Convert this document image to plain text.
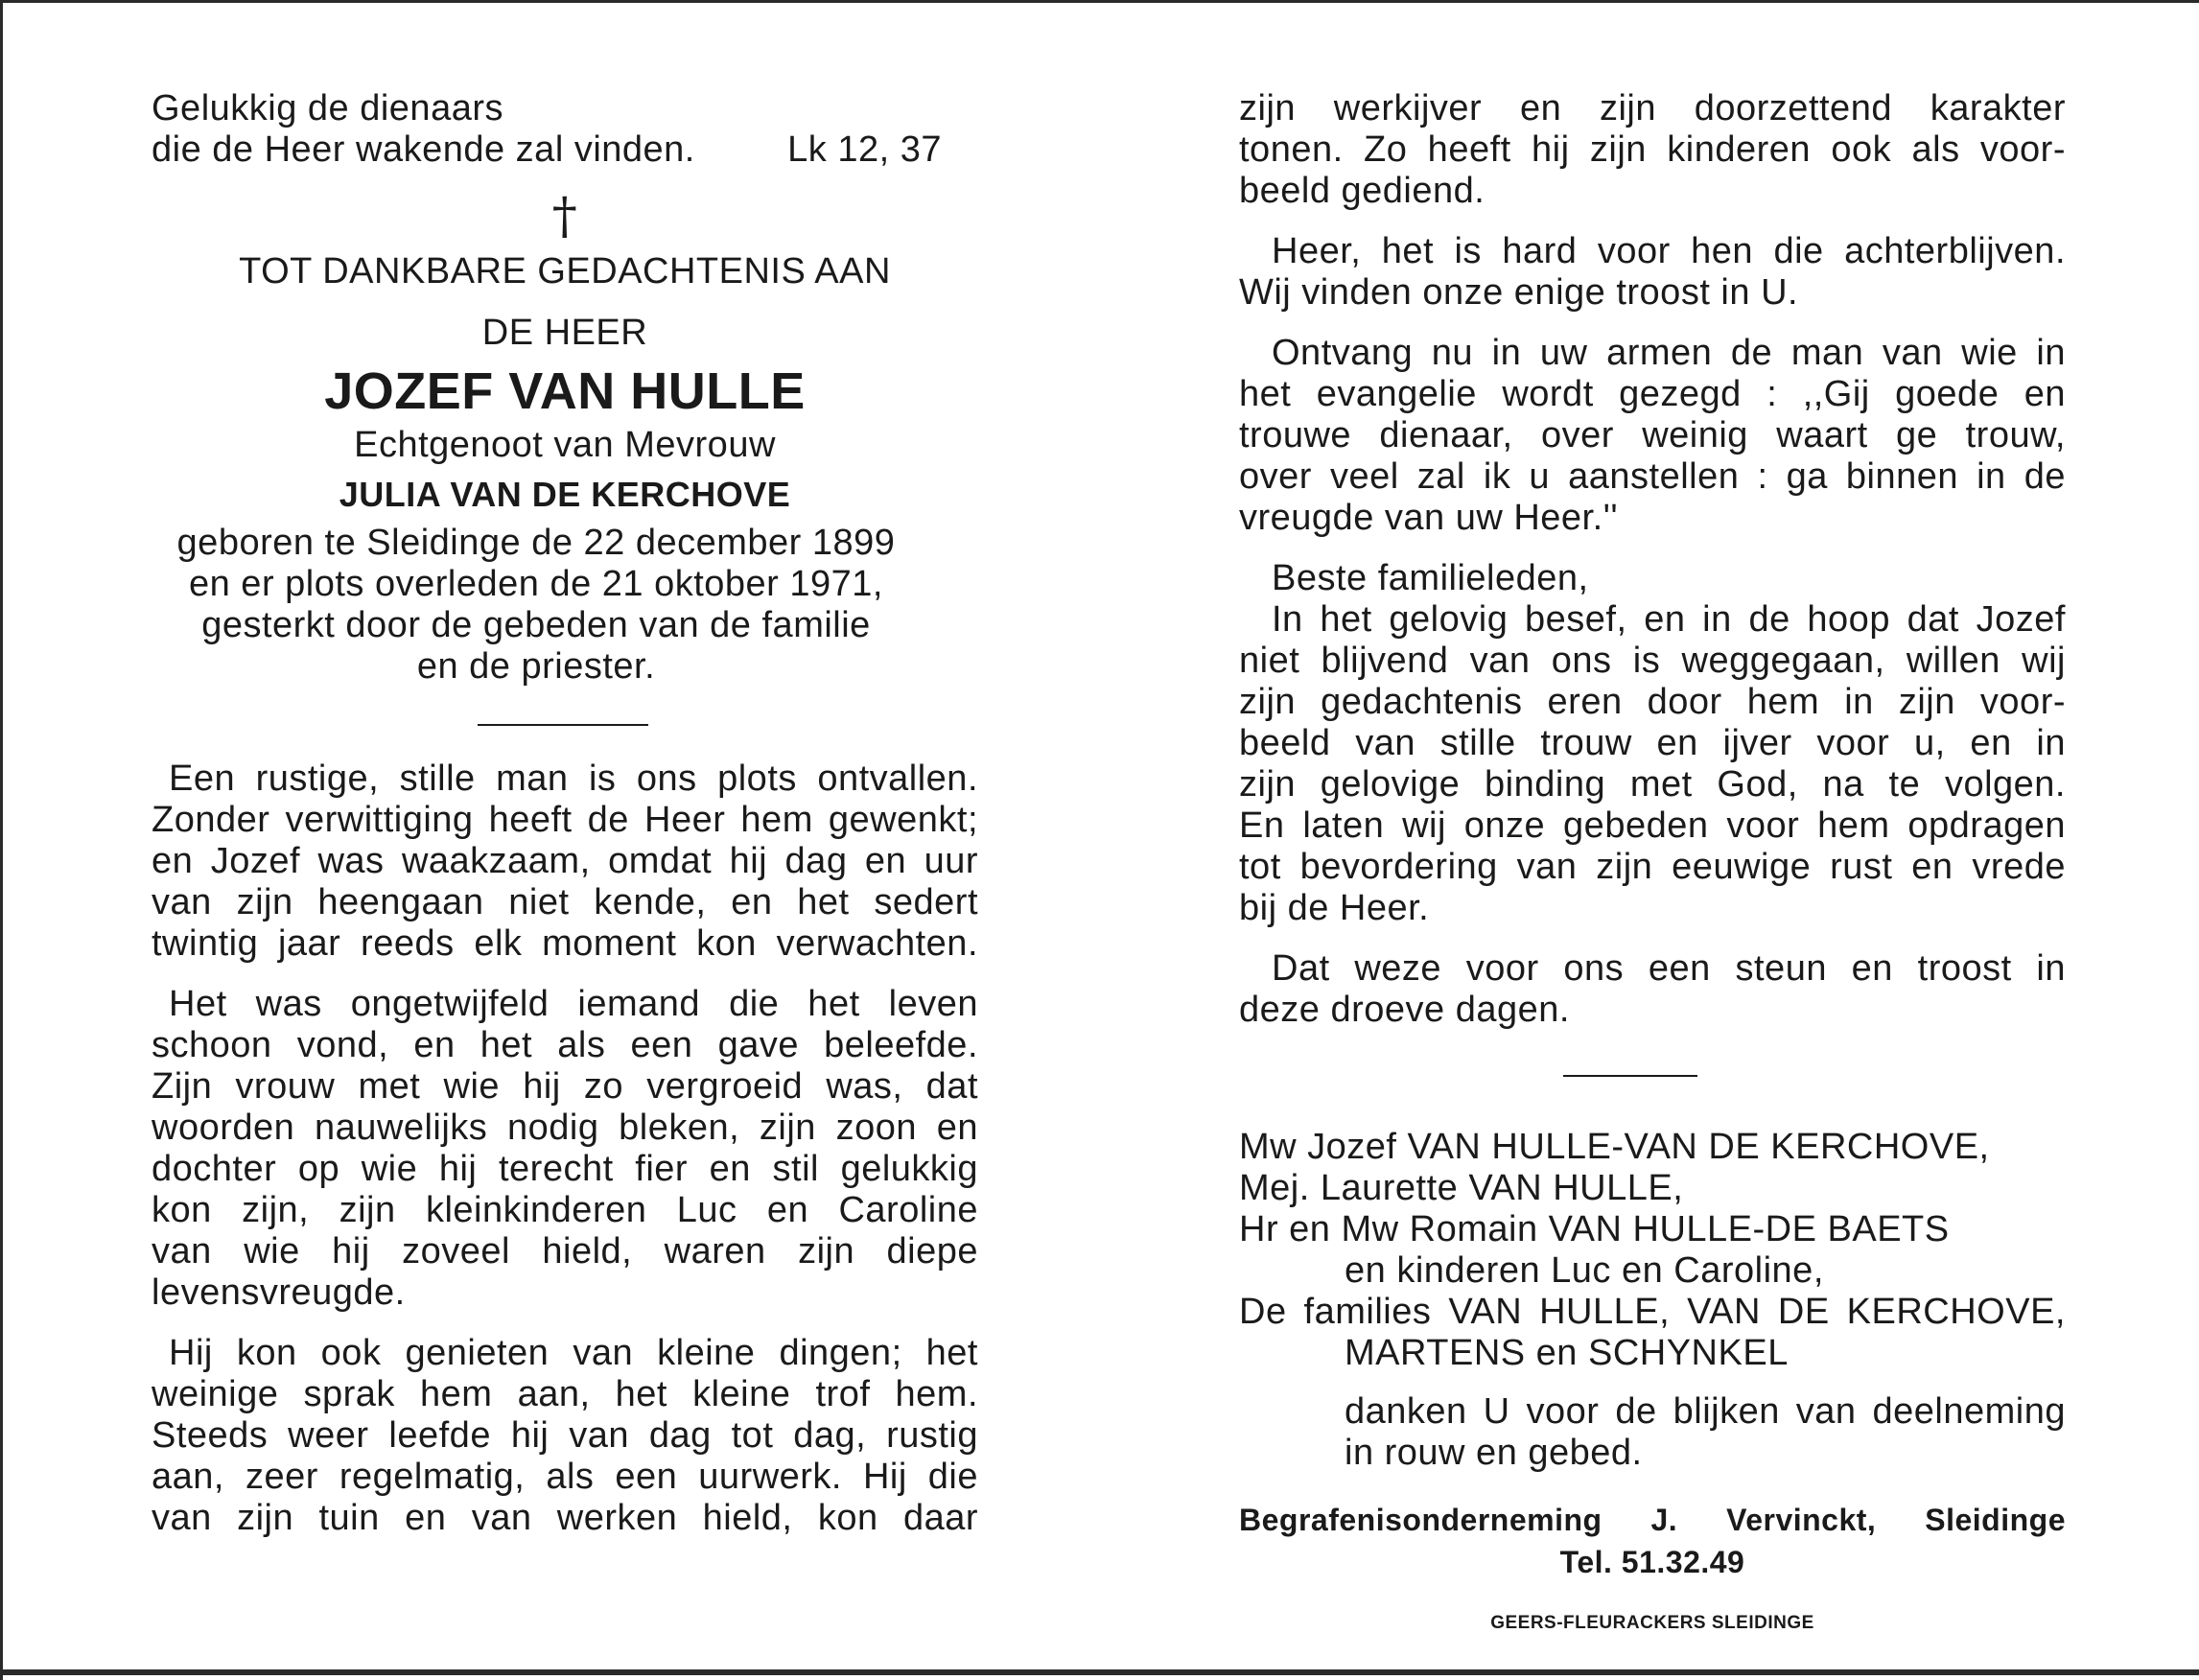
Gelukkig de dienaars

die de Heer wakende zal vinden.	Lk 12, 37
†

TOT DANKBARE GEDACHTENIS AAN

DE HEER

JOZEF VAN HULLE
Echtgenoot van Mevrouw
JULIA VAN DE KERCHOVE

geboren te Sleidinge de 22 december 1899

en er plots overleden de 21 oktober 1971,

gesterkt door de gebeden van de familie

en de priester.

Een rustige, stille man is ons plots ontvallen.

Zonder verwittiging heeft de Heer hem gewenkt;

en Jozef was waakzaam, omdat hij dag en uur

van zijn heengaan niet kende, en het sedert

twintig jaar reeds elk moment kon verwachten.

Het was ongetwijfeld iemand die het leven

schoon vond, en het als een gave beleefde.

Zijn vrouw met wie hij zo vergroeid was, dat

woorden nauwelijks nodig bleken, zijn zoon en

dochter op wie hij terecht fier en stil gelukkig

kon zijn, zijn kleinkinderen Luc en Caroline

van wie hij zoveel hield, waren zijn diepe

levensvreugde.

Hij kon ook genieten van kleine dingen; het

weinige sprak hem aan, het kleine trof hem.

Steeds weer leefde hij van dag tot dag, rustig

aan, zeer regelmatig, als een uurwerk. Hij die

van zijn tuin en van werken hield, kon daar

zijn werkijver en zijn doorzettend karakter

tonen. Zo heeft hij zijn kinderen ook als voor-

beeld gediend.

Heer, het is hard voor hen die achterblijven.

Wij vinden onze enige troost in U.

Ontvang nu in uw armen de man van wie in

het evangelie wordt gezegd : ,,Gij goede en

trouwe dienaar, over weinig waart ge trouw,

over veel zal ik u aanstellen : ga binnen in de

vreugde van uw Heer.''

Beste familieleden,

In het gelovig besef, en in de hoop dat Jozef

niet blijvend van ons is weggegaan, willen wij

zijn gedachtenis eren door hem in zijn voor-

beeld van stille trouw en ijver voor u, en in

zijn gelovige binding met God, na te volgen.

En laten wij onze gebeden voor hem opdragen

tot bevordering van zijn eeuwige rust en vrede

bij de Heer.

Dat weze voor ons een steun en troost in

deze droeve dagen.

Mw Jozef VAN HULLE-VAN DE KERCHOVE,

Mej. Laurette VAN HULLE,

Hr en Mw Romain VAN HULLE-DE BAETS

en kinderen Luc en Caroline,

De families VAN HULLE, VAN DE KERCHOVE,

MARTENS en SCHYNKEL

danken U voor de blijken van deelneming

in rouw en gebed.

Begrafenisonderneming J. Vervinckt, Sleidinge

Tel. 51.32.49

GEERS-FLEURACKERS SLEIDINGE
